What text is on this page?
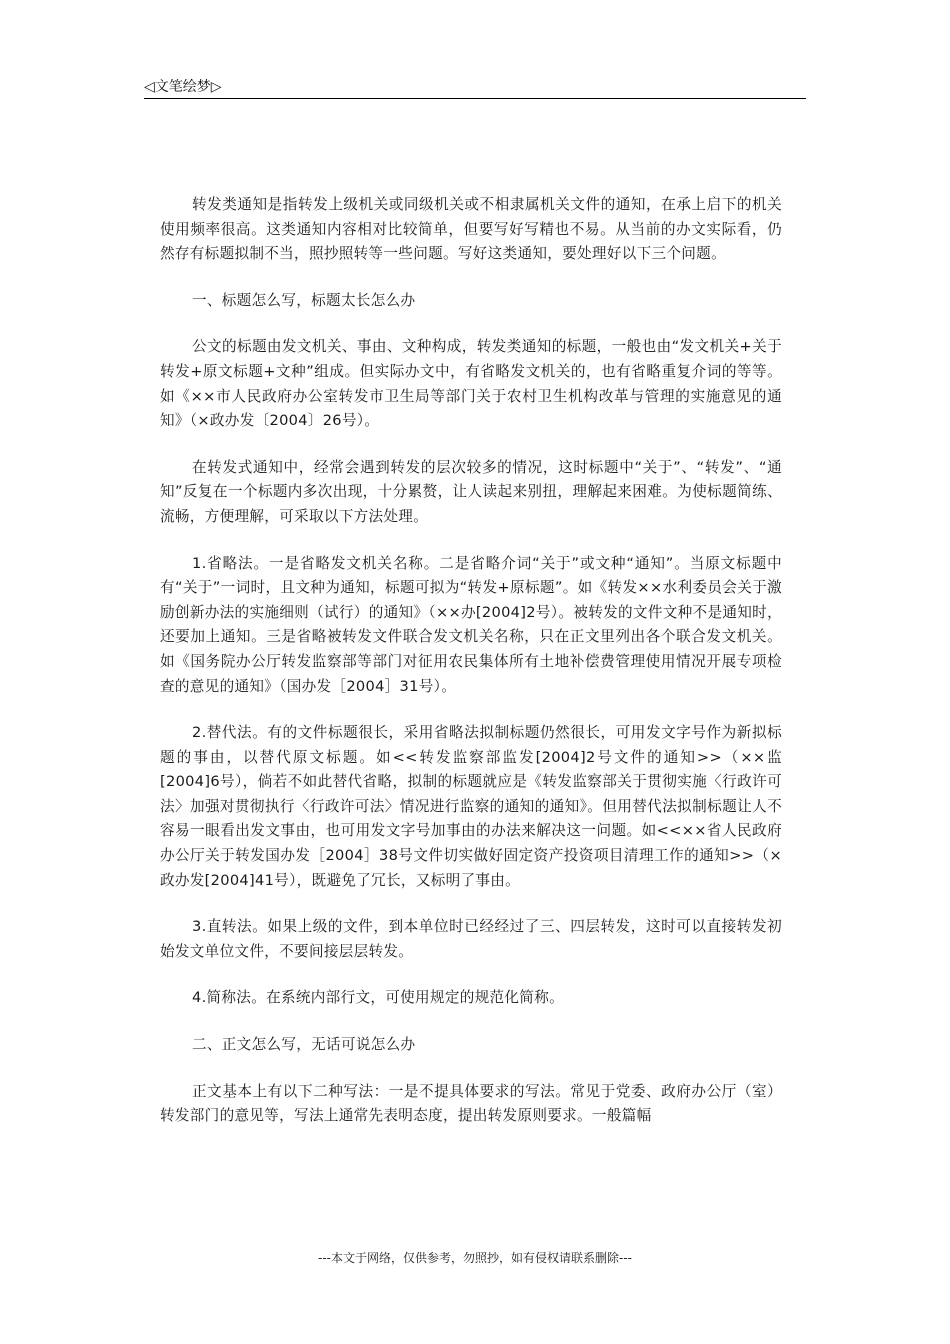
◁文笔绘梦▷

转发类通知是指转发上级机关或同级机关或不相隶属机关文件的通知，在承上启下的机关使用频率很高。这类通知内容相对比较简单，但要写好写精也不易。从当前的办文实际看，仍然存有标题拟制不当，照抄照转等一些问题。写好这类通知，要处理好以下三个问题。

一、标题怎么写，标题太长怎么办

公文的标题由发文机关、事由、文种构成，转发类通知的标题，一般也由“发文机关+关于转发+原文标题+文种”组成。但实际办文中，有省略发文机关的，也有省略重复介词的等等。如《××市人民政府办公室转发市卫生局等部门关于农村卫生机构改革与管理的实施意见的通知》（×政办发〔2004〕26号）。

在转发式通知中，经常会遇到转发的层次较多的情况，这时标题中“关于”、“转发”、“通知”反复在一个标题内多次出现，十分累赘，让人读起来别扭，理解起来困难。为使标题简练、流畅，方便理解，可采取以下方法处理。

1.省略法。一是省略发文机关名称。二是省略介词“关于”或文种“通知”。当原文标题中有“关于”一词时，且文种为通知，标题可拟为“转发+原标题”。如《转发××水利委员会关于激励创新办法的实施细则（试行）的通知》（××办[2004]2号）。被转发的文件文种不是通知时，还要加上通知。三是省略被转发文件联合发文机关名称，只在正文里列出各个联合发文机关。如《国务院办公厅转发监察部等部门对征用农民集体所有土地补偿费管理使用情况开展专项检查的意见的通知》（国办发［2004］31号）。

2.替代法。有的文件标题很长，采用省略法拟制标题仍然很长，可用发文字号作为新拟标题的事由，以替代原文标题。如<<转发监察部监发[2004]2号文件的通知>>（××监[2004]6号），倘若不如此替代省略，拟制的标题就应是《转发监察部关于贯彻实施〈行政许可法〉加强对贯彻执行〈行政许可法〉情况进行监察的通知的通知》。但用替代法拟制标题让人不容易一眼看出发文事由，也可用发文字号加事由的办法来解决这一问题。如<<××省人民政府办公厅关于转发国办发［2004］38号文件切实做好固定资产投资项目清理工作的通知>>（×政办发[2004]41号），既避免了冗长，又标明了事由。

3.直转法。如果上级的文件，到本单位时已经经过了三、四层转发，这时可以直接转发初始发文单位文件，不要间接层层转发。

4.简称法。在系统内部行文，可使用规定的规范化简称。

二、正文怎么写，无话可说怎么办

正文基本上有以下二种写法：一是不提具体要求的写法。常见于党委、政府办公厅（室）转发部门的意见等，写法上通常先表明态度，提出转发原则要求。一般篇幅

---本文于网络，仅供参考，勿照抄，如有侵权请联系删除---
